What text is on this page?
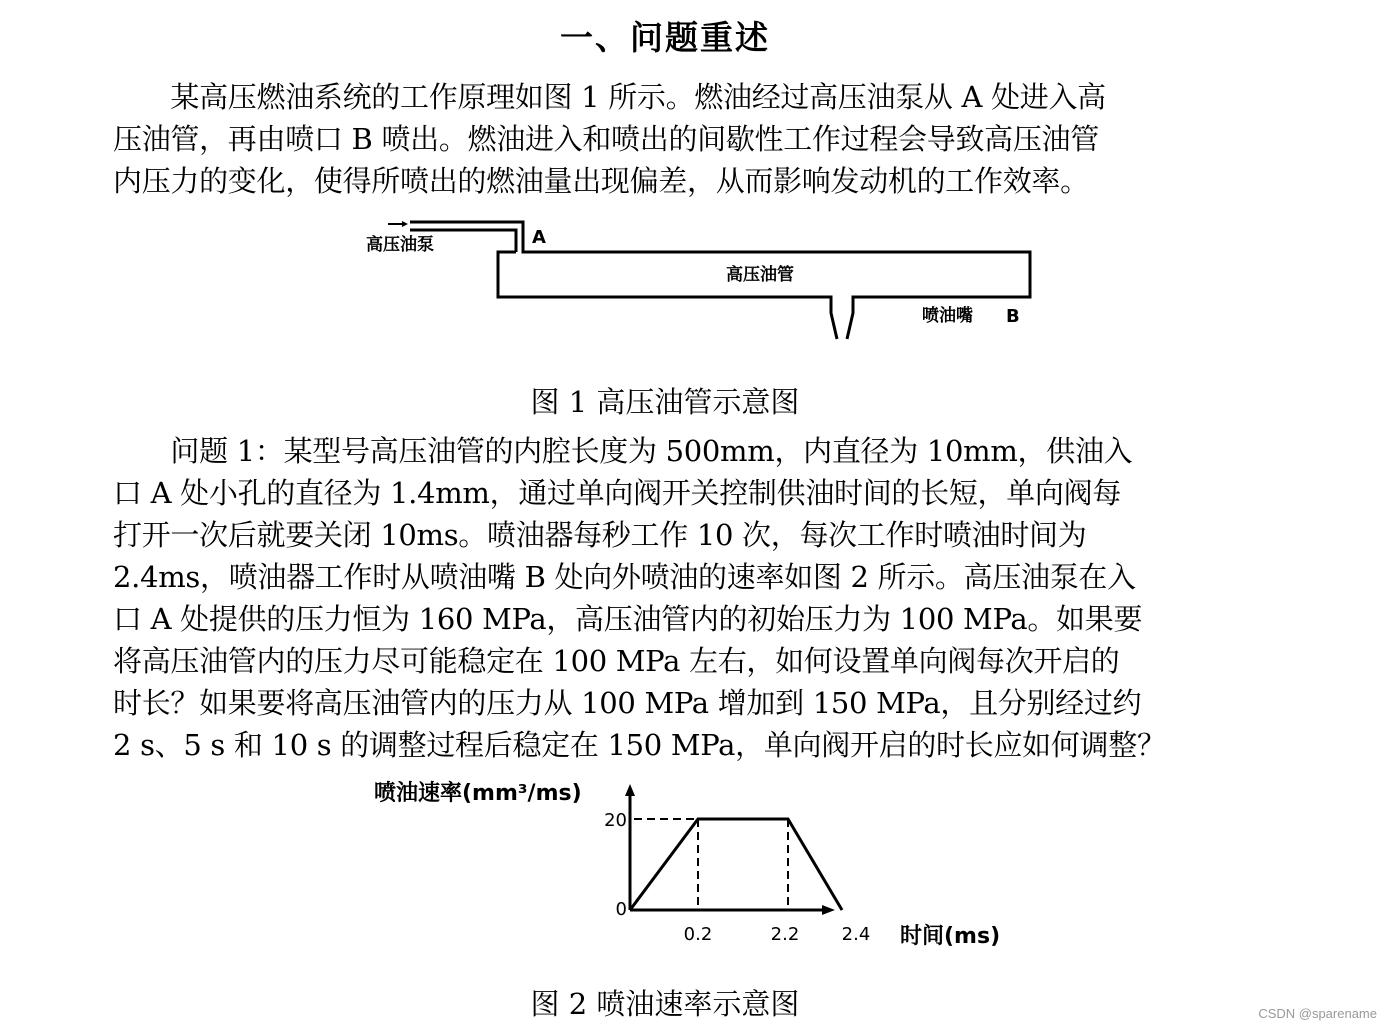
一、问题重述

　　某高压燃油系统的工作原理如图 1 所示。燃油经过高压油泵从 A 处进入高

压油管，再由喷口 B 喷出。燃油进入和喷出的间歇性工作过程会导致高压油管

内压力的变化，使得所喷出的燃油量出现偏差，从而影响发动机的工作效率。

高压油泵	A
高压油管
喷油嘴 B
图 1 高压油管示意图

　　问题 1：某型号高压油管的内腔长度为 500mm，内直径为 10mm，供油入

口 A 处小孔的直径为 1.4mm，通过单向阀开关控制供油时间的长短，单向阀每

打开一次后就要关闭 10ms。喷油器每秒工作 10 次，每次工作时喷油时间为

2.4ms，喷油器工作时从喷油嘴 B 处向外喷油的速率如图 2 所示。高压油泵在入

口 A 处提供的压力恒为 160 MPa，高压油管内的初始压力为 100 MPa。如果要

将高压油管内的压力尽可能稳定在 100 MPa 左右，如何设置单向阀每次开启的

时长？如果要将高压油管内的压力从 100 MPa 增加到 150 MPa，且分别经过约

2 s、5 s 和 10 s 的调整过程后稳定在 150 MPa，单向阀开启的时长应如何调整？

喷油速率(mm³/ms)
0
20
0.2	2.2 2.4 时间(ms)
图 2 喷油速率示意图	CSDN @sparename
